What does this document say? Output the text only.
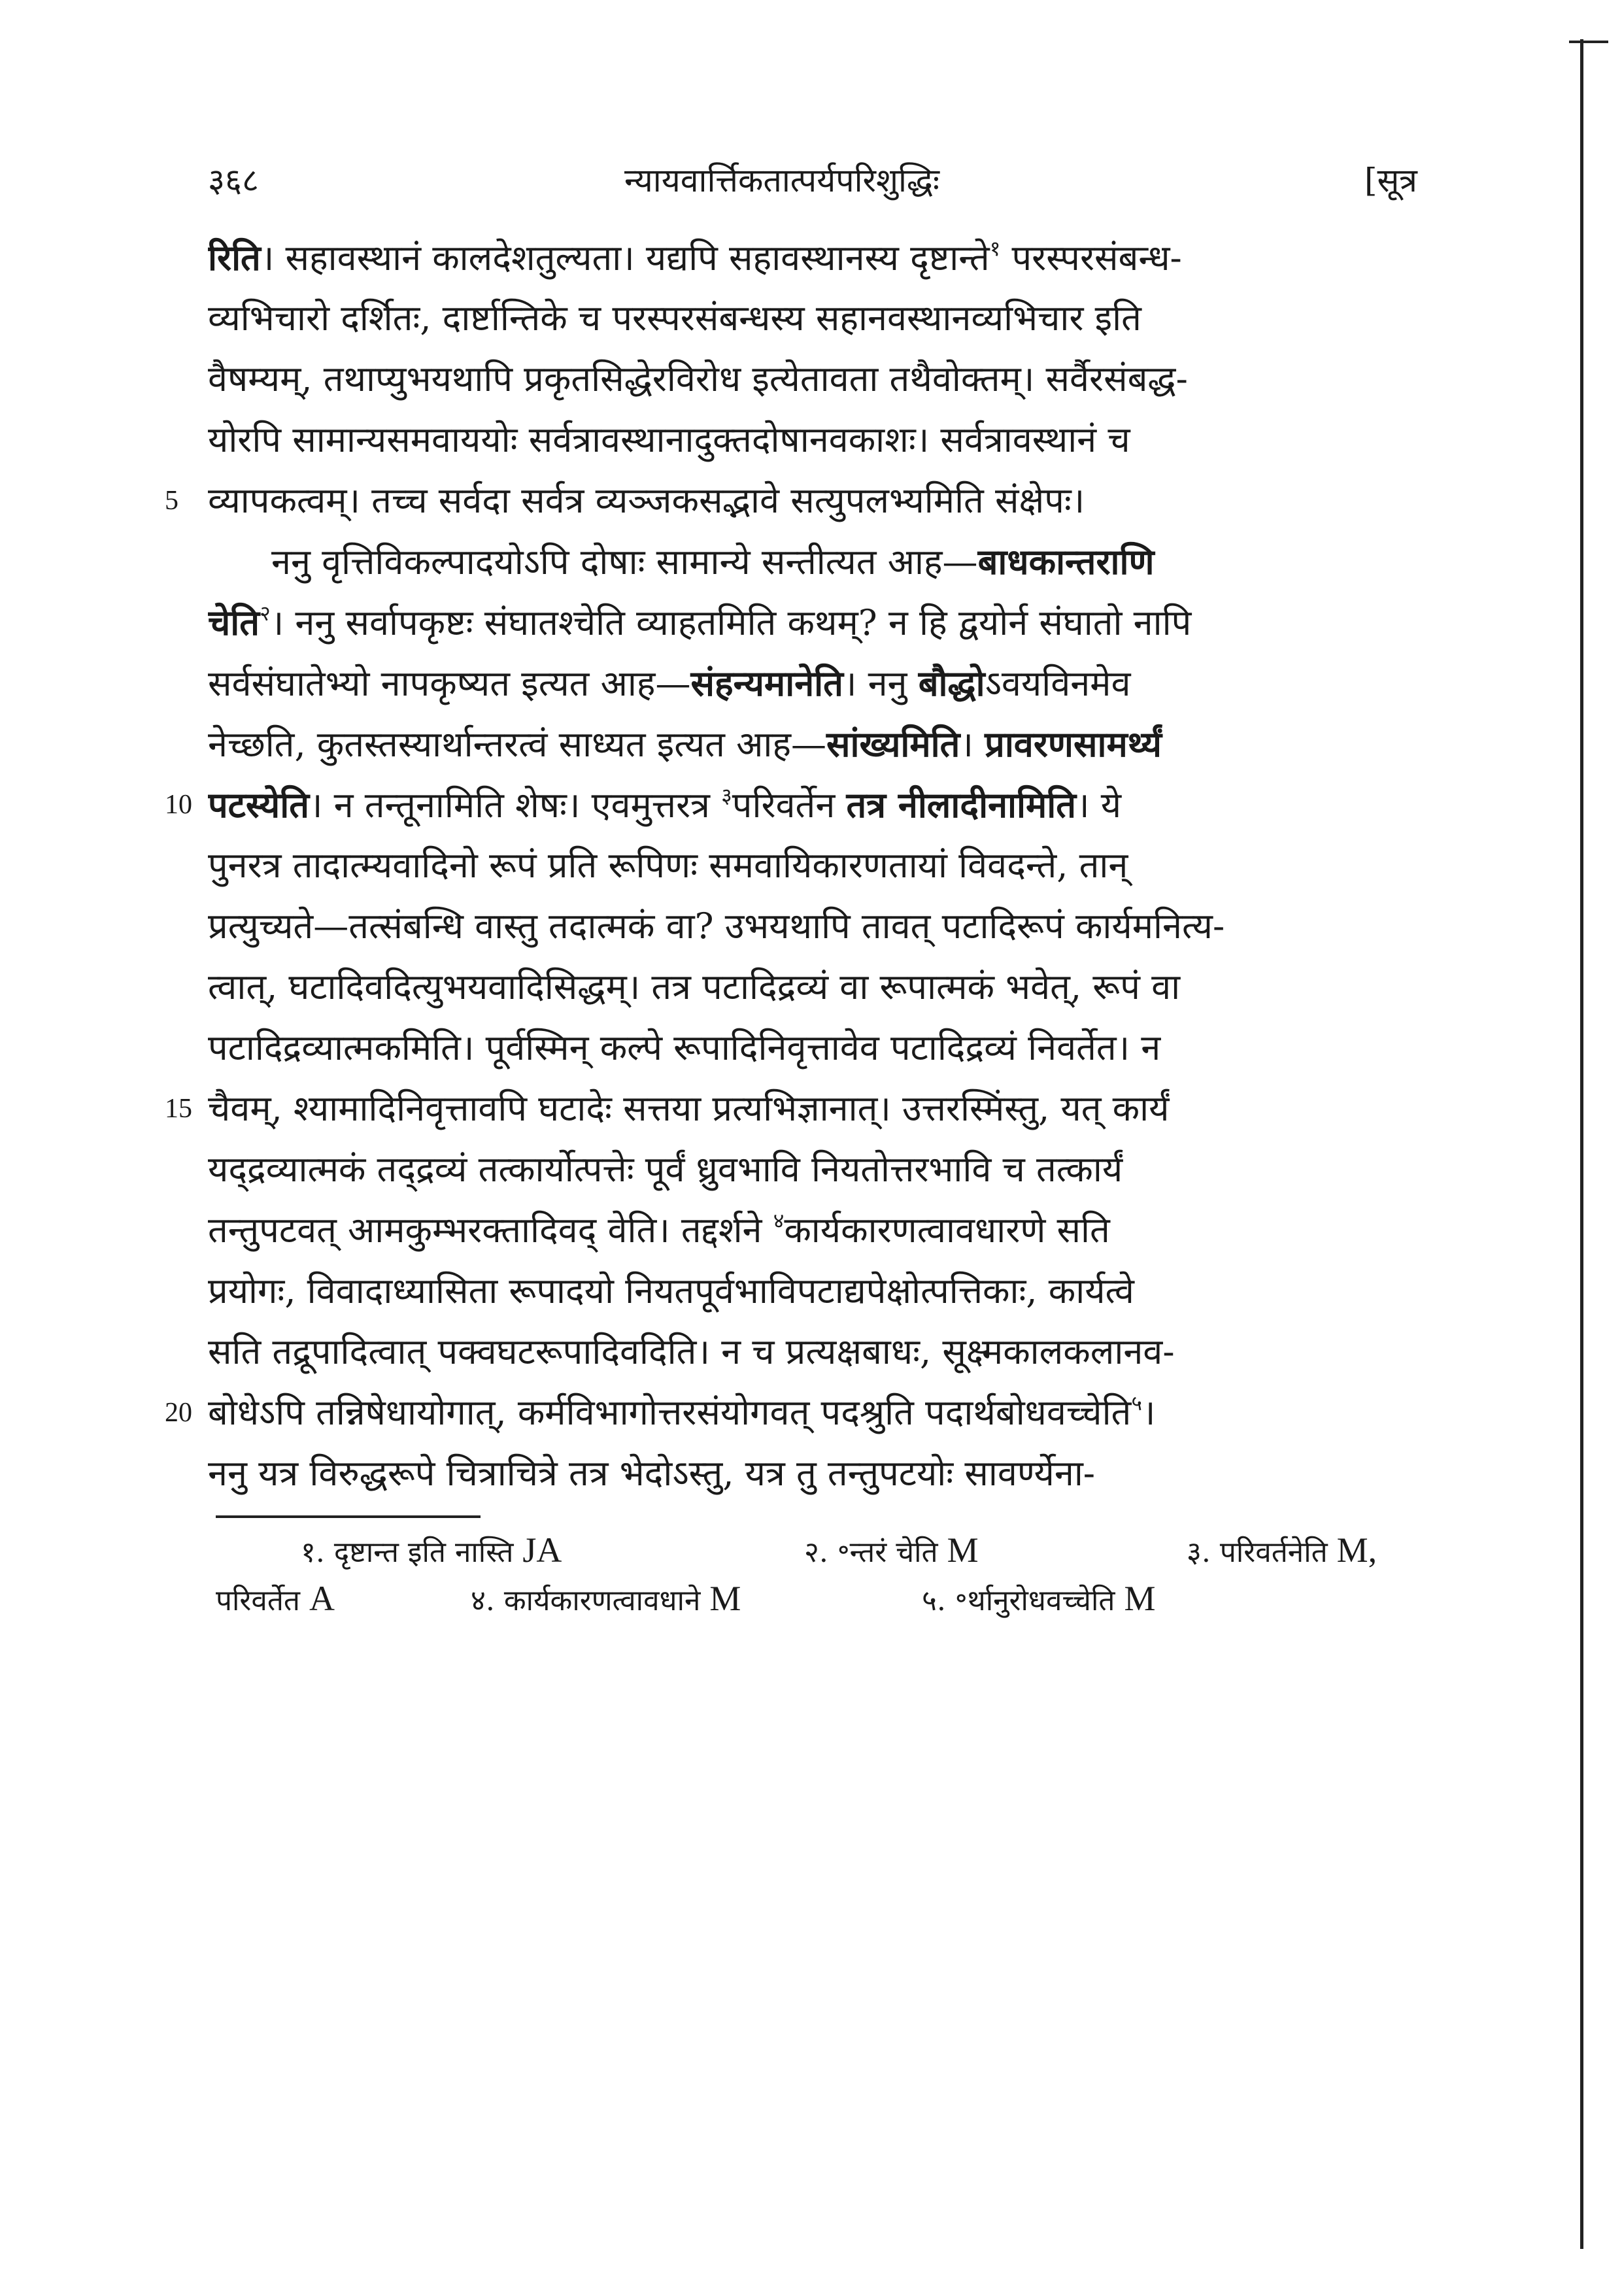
३६८	न्यायवार्त्तिकतात्पर्यपरिशुद्धिः	[सूत्र
रिति। सहावस्थानं कालदेशतुल्यता। यद्यपि सहावस्थानस्य दृष्टान्ते$^१$ परस्परसंबन्ध-
व्यभिचारो दर्शितः, दार्ष्टान्तिके च परस्परसंबन्धस्य सहानवस्थानव्यभिचार इति
वैषम्यम्, तथाप्युभयथापि प्रकृतसिद्धेरविरोध इत्येतावता तथैवोक्तम्। सर्वैरसंबद्ध-
योरपि सामान्यसमवाययोः सर्वत्रावस्थानादुक्तदोषानवकाशः। सर्वत्रावस्थानं च
5 व्यापकत्वम्। तच्च सर्वदा सर्वत्र व्यञ्जकसद्भावे सत्युपलभ्यमिति संक्षेपः।
ननु वृत्तिविकल्पादयोऽपि दोषाः सामान्ये सन्तीत्यत आह—बाधकान्तराणि
चेति$^२$। ननु सर्वापकृष्टः संघातश्चेति व्याहतमिति कथम्? न हि द्वयोर्न संघातो नापि
सर्वसंघातेभ्यो नापकृष्यत इत्यत आह—संहन्यमानेति। ननु बौद्धोऽवयविनमेव
नेच्छति, कुतस्तस्यार्थान्तरत्वं साध्यत इत्यत आह—सांख्यमिति। प्रावरणसामर्थ्यं
10 पटस्येति। न तन्तूनामिति शेषः। एवमुत्तरत्र $^३$परिवर्तेन तत्र नीलादीनामिति। ये
पुनरत्र तादात्म्यवादिनो रूपं प्रति रूपिणः समवायिकारणतायां विवदन्ते, तान्
प्रत्युच्यते—तत्संबन्धि वास्तु तदात्मकं वा? उभयथापि तावत् पटादिरूपं कार्यमनित्य-
त्वात्, घटादिवदित्युभयवादिसिद्धम्। तत्र पटादिद्रव्यं वा रूपात्मकं भवेत्, रूपं वा
पटादिद्रव्यात्मकमिति। पूर्वस्मिन् कल्पे रूपादिनिवृत्तावेव पटादिद्रव्यं निवर्तेत। न
15 चैवम्, श्यामादिनिवृत्तावपि घटादेः सत्तया प्रत्यभिज्ञानात्। उत्तरस्मिंस्तु, यत् कार्यं
यद्द्रव्यात्मकं तद्द्रव्यं तत्कार्योत्पत्तेः पूर्वं ध्रुवभावि नियतोत्तरभावि च तत्कार्यं
तन्तुपटवत् आमकुम्भरक्तादिवद् वेति। तद्दर्शने $^४$कार्यकारणत्वावधारणे सति
प्रयोगः, विवादाध्यासिता रूपादयो नियतपूर्वभाविपटाद्यपेक्षोत्पत्तिकाः, कार्यत्वे
सति तद्रूपादित्वात् पक्वघटरूपादिवदिति। न च प्रत्यक्षबाधः, सूक्ष्मकालकलानव-
20 बोधेऽपि तन्निषेधायोगात्, कर्मविभागोत्तरसंयोगवत् पदश्रुति पदार्थबोधवच्चेति$^५$।
ननु यत्र विरुद्धरूपे चित्राचित्रे तत्र भेदोऽस्तु, यत्र तु तन्तुपटयोः सावर्ण्येना-
१. दृष्टान्त इति नास्ति JA	२. ॰न्तरं चेति M	३. परिवर्तनेति M,
परिवर्तेत A	४. कार्यकारणत्वावधाने M	५. ॰र्थानुरोधवच्चेति M
